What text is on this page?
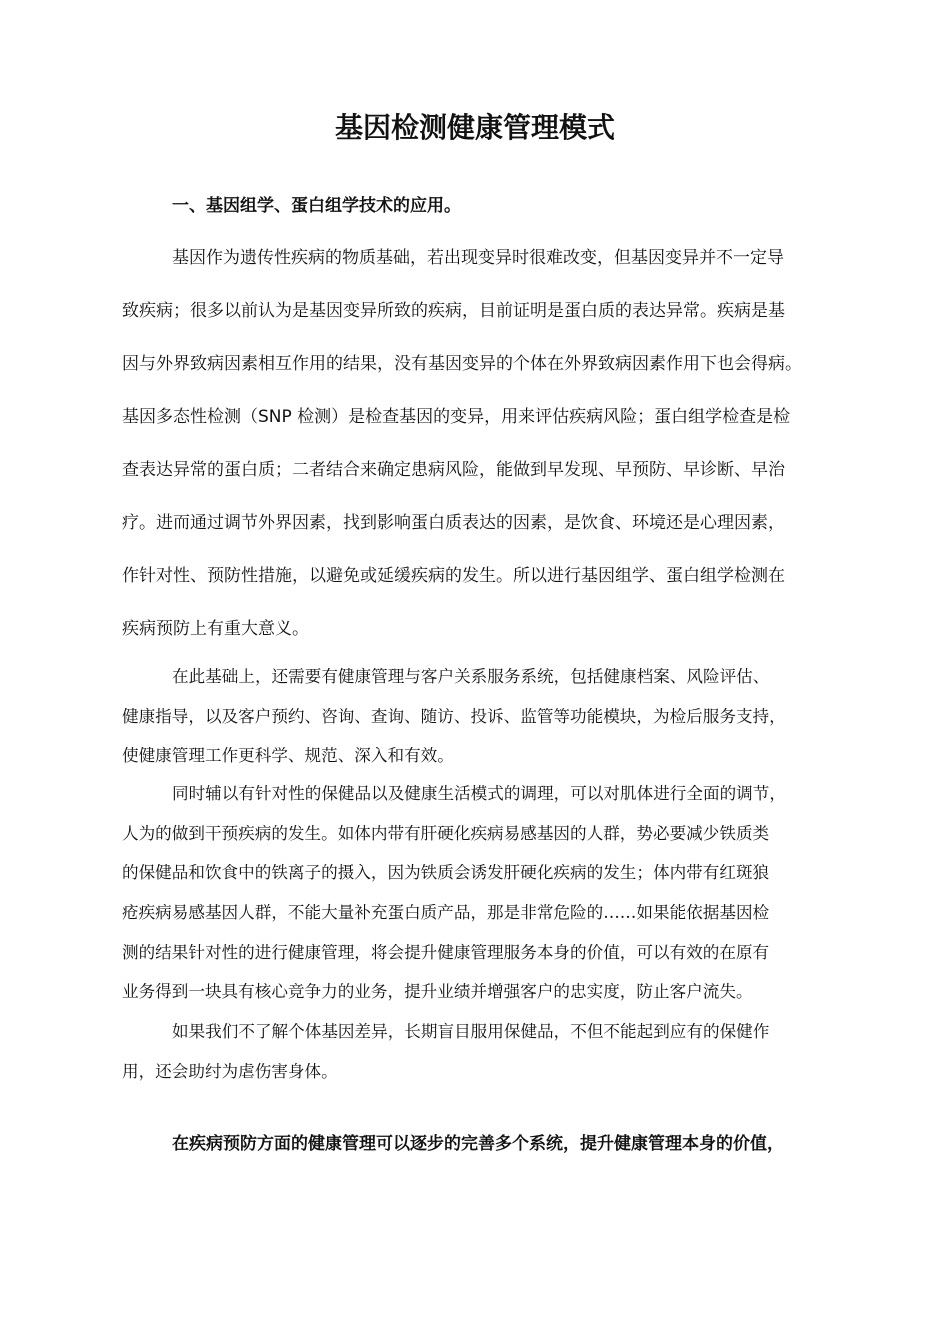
基因检测健康管理模式
一、基因组学、蛋白组学技术的应用。
基因作为遗传性疾病的物质基础，若出现变异时很难改变，但基因变异并不一定导
致疾病；很多以前认为是基因变异所致的疾病，目前证明是蛋白质的表达异常。疾病是基
因与外界致病因素相互作用的结果，没有基因变异的个体在外界致病因素作用下也会得病。
基因多态性检测（SNP 检测）是检查基因的变异，用来评估疾病风险；蛋白组学检查是检
查表达异常的蛋白质；二者结合来确定患病风险，能做到早发现、早预防、早诊断、早治
疗。进而通过调节外界因素，找到影响蛋白质表达的因素，是饮食、环境还是心理因素，
作针对性、预防性措施，以避免或延缓疾病的发生。所以进行基因组学、蛋白组学检测在
疾病预防上有重大意义。
在此基础上，还需要有健康管理与客户关系服务系统，包括健康档案、风险评估、
健康指导，以及客户预约、咨询、查询、随访、投诉、监管等功能模块，为检后服务支持，
使健康管理工作更科学、规范、深入和有效。
同时辅以有针对性的保健品以及健康生活模式的调理，可以对肌体进行全面的调节，
人为的做到干预疾病的发生。如体内带有肝硬化疾病易感基因的人群，势必要减少铁质类
的保健品和饮食中的铁离子的摄入，因为铁质会诱发肝硬化疾病的发生；体内带有红斑狼
疮疾病易感基因人群，不能大量补充蛋白质产品，那是非常危险的……如果能依据基因检
测的结果针对性的进行健康管理，将会提升健康管理服务本身的价值，可以有效的在原有
业务得到一块具有核心竞争力的业务，提升业绩并增强客户的忠实度，防止客户流失。
如果我们不了解个体基因差异，长期盲目服用保健品，不但不能起到应有的保健作
用，还会助纣为虐伤害身体。
在疾病预防方面的健康管理可以逐步的完善多个系统，提升健康管理本身的价值，
